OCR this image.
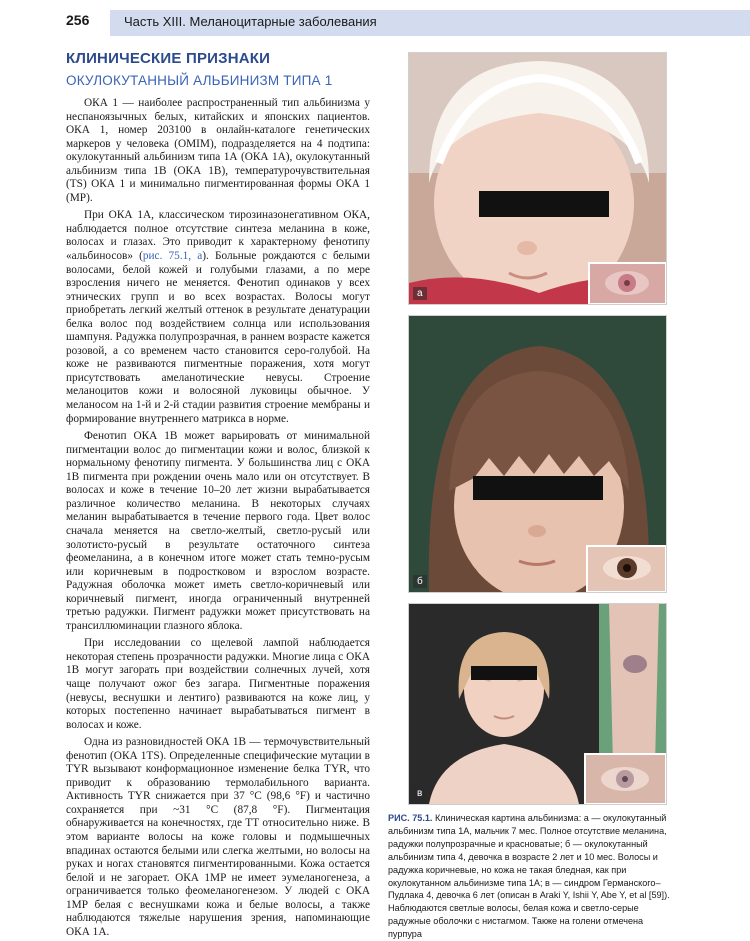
256	Часть XIII. Меланоцитарные заболевания
КЛИНИЧЕСКИЕ ПРИЗНАКИ
ОКУЛОКУТАННЫЙ АЛЬБИНИЗМ ТИПА 1

ОКА 1 — наиболее распространенный тип альбинизма у неспаноязычных белых, китайских и японских пациентов. ОКА 1, номер 203100 в онлайн-каталоге генетических маркеров у человека (OMIM), подразделяется на 4 подтипа: окулокутанный альбинизм типа 1А (ОКА 1А), окулокутанный альбинизм типа 1В (ОКА 1В), температурочувствительная (TS) ОКА 1 и минимально пигментированная формы ОКА 1 (MP).

При ОКА 1А, классическом тирозиназонегативном ОКА, наблюдается полное отсутствие синтеза меланина в коже, волосах и глазах. Это приводит к характерному фенотипу «альбиносов» (рис. 75.1, а). Больные рождаются с белыми волосами, белой кожей и голубыми глазами, а по мере взросления ничего не меняется. Фенотип одинаков у всех этнических групп и во всех возрастах. Волосы могут приобретать легкий желтый оттенок в результате денатурации белка волос под воздействием солнца или использования шампуня. Радужка полупрозрачная, в раннем возрасте кажется розовой, а со временем часто становится серо-голубой. На коже не развиваются пигментные поражения, хотя могут присутствовать амеланотические невусы. Строение меланоцитов кожи и волосяной луковицы обычное. У меланосом на 1-й и 2-й стадии развития строение мембраны и формирование внутреннего матрикса в норме.

Фенотип ОКА 1В может варьировать от минимальной пигментации волос до пигментации кожи и волос, близкой к нормальному фенотипу пигмента. У большинства лиц с ОКА 1В пигмента при рождении очень мало или он отсутствует. В волосах и коже в течение 10–20 лет жизни вырабатывается различное количество меланина. В некоторых случаях меланин вырабатывается в течение первого года. Цвет волос сначала меняется на светло-желтый, светло-русый или золотисто-русый в результате остаточного синтеза феомеланина, а в конечном итоге может стать темно-русым или коричневым в подростковом и взрослом возрасте. Радужная оболочка может иметь светло-коричневый или коричневый пигмент, иногда ограниченный внутренней третью радужки. Пигмент радужки может присутствовать на трансиллюминации глазного яблока.

При исследовании со щелевой лампой наблюдается некоторая степень прозрачности радужки. Многие лица с ОКА 1В могут загорать при воздействии солнечных лучей, хотя чаще получают ожог без загара. Пигментные поражения (невусы, веснушки и лентиго) развиваются на коже лиц, у которых постепенно начинает вырабатываться пигмент в волосах и коже.

Одна из разновидностей ОКА 1В — термочувствительный фенотип (ОКА 1TS). Определенные специфические мутации в TYR вызывают конформационное изменение белка TYR, что приводит к образованию термолабильного варианта. Активность TYR снижается при 37 °С (98,6 °F) и частично сохраняется при ~31 °С (87,8 °F). Пигментация обнаруживается на конечностях, где ТТ относительно ниже. В этом варианте волосы на коже головы и подмышечных впадинах остаются белыми или слегка желтыми, но волосы на руках и ногах становятся пигментированными. Кожа остается белой и не загорает. ОКА 1MP не имеет эумеланогенеза, а ограничивается только феомеланогенезом. У людей с ОКА 1MP белая с веснушками кожа и белые волосы, а также наблюдаются тяжелые нарушения зрения, напоминающие ОКА 1А.

а
б
в
РИС. 75.1. Клиническая картина альбинизма: а — окулокутанный альбинизм типа 1А, мальчик 7 мес. Полное отсутствие меланина, радужки полупрозрачные и красноватые; б — окулокутанный альбинизм типа 4, девочка в возрасте 2 лет и 10 мес. Волосы и радужка коричневые, но кожа не такая бледная, как при окулокутанном альбинизме типа 1А; в — синдром Германского–Пудлака 4, девочка 6 лет (описан в Araki Y, Ishii Y, Abe Y, et al [59]). Наблюдаются светлые волосы, белая кожа и светло-серые радужные оболочки с нистагмом. Также на голени отмечена пурпура
